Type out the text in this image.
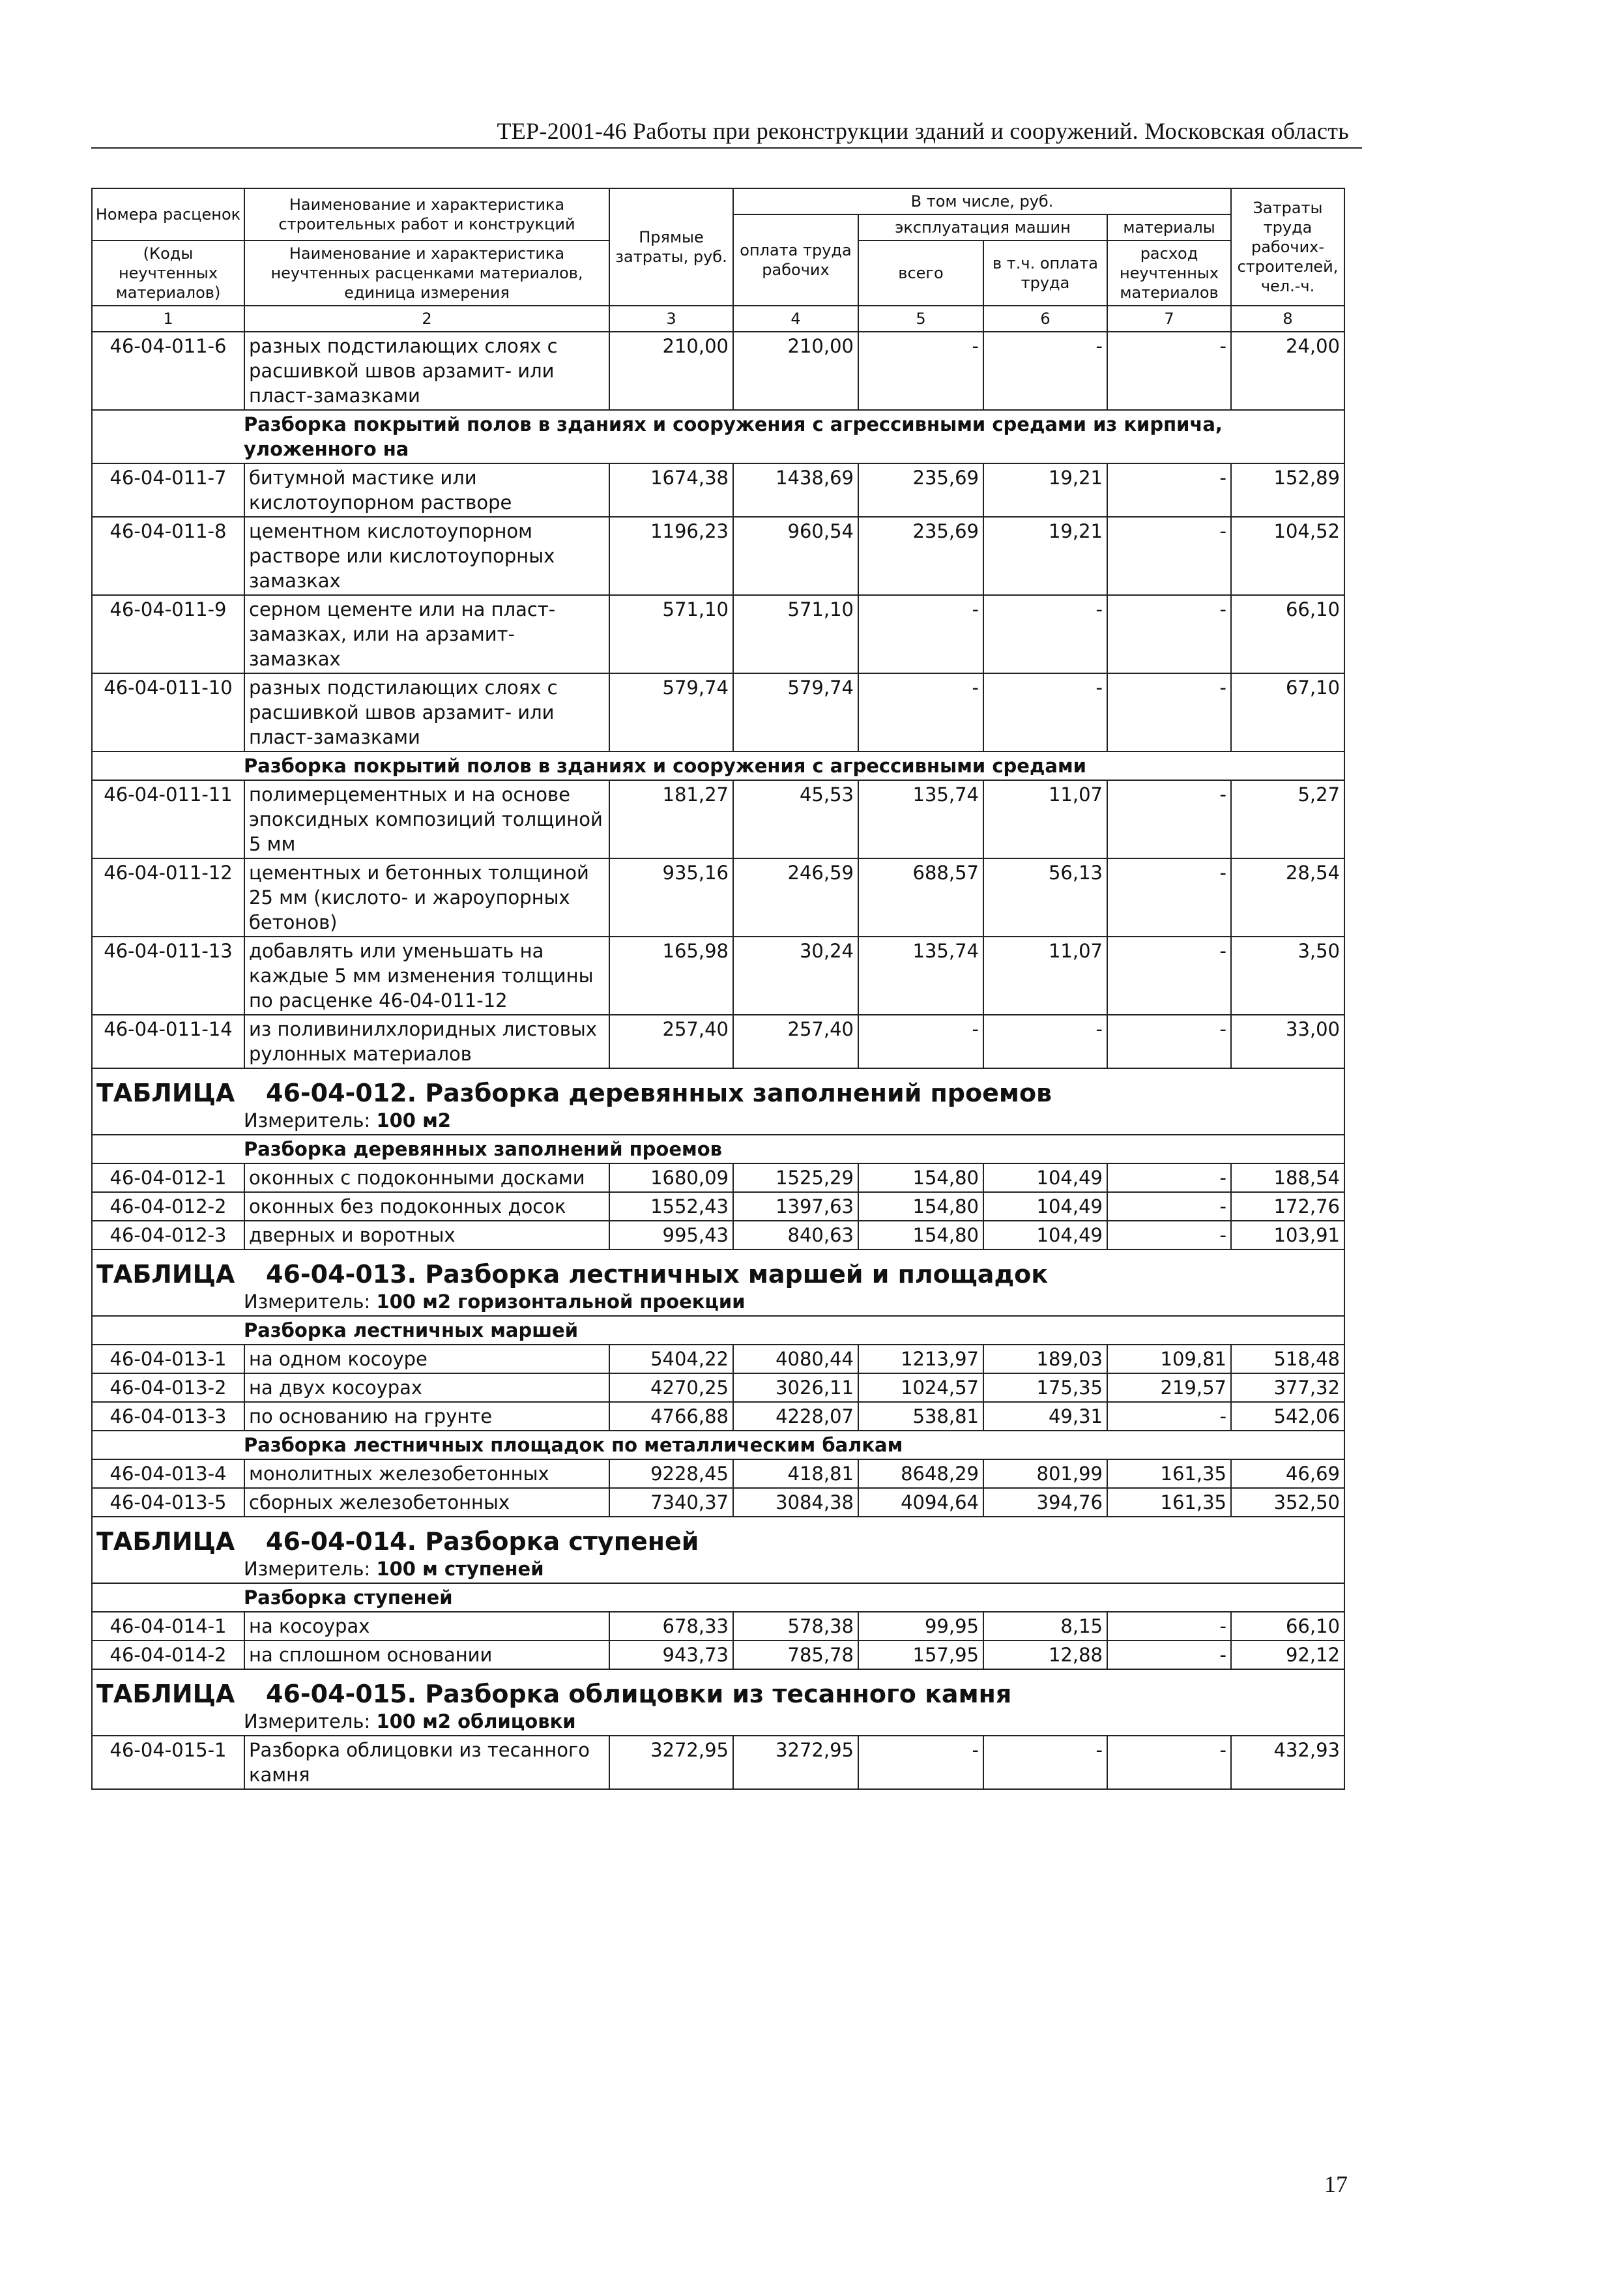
ТЕР-2001-46 Работы при реконструкции зданий и сооружений. Московская область
Номера расценок	Наименование и характеристика строительных работ и конструкций	Прямые затраты, руб.	В том числе, руб.				Затраты труда рабочих-строителей, чел.-ч.
			оплата труда рабочих	эксплуатация машин		материалы	
(Коды неучтенных материалов)	Наименование и характеристика неучтенных расценками материалов, единица измерения			всего	в т.ч. оплата труда	расход неучтенных материалов	

1	2	3	4	5	6	7	8
46-04-011-6	разных подстилающих слоях с расшивкой швов арзамит- или пласт-замазками	210,00	210,00	-	-	-	24,00
Разборка покрытий полов в зданиях и сооружения с агрессивными средами из кирпича, уложенного на							
46-04-011-7	битумной мастике или кислотоупорном растворе	1674,38	1438,69	235,69	19,21	-	152,89
46-04-011-8	цементном кислотоупорном растворе или кислотоупорных замазках	1196,23	960,54	235,69	19,21	-	104,52
46-04-011-9	серном цементе или на пласт-замазках, или на арзамит-замазках	571,10	571,10	-	-	-	66,10
46-04-011-10	разных подстилающих слоях с расшивкой швов арзамит- или пласт-замазками	579,74	579,74	-	-	-	67,10
Разборка покрытий полов в зданиях и сооружения с агрессивными средами							
46-04-011-11	полимерцементных и на основе эпоксидных композиций толщиной 5 мм	181,27	45,53	135,74	11,07	-	5,27
46-04-011-12	цементных и бетонных толщиной 25 мм (кислото- и жароупорных бетонов)	935,16	246,59	688,57	56,13	-	28,54
46-04-011-13	добавлять или уменьшать на каждые 5 мм изменения толщины по расценке 46-04-011-12	165,98	30,24	135,74	11,07	-	3,50
46-04-011-14	из поливинилхлоридных листовых рулонных материалов	257,40	257,40	-	-	-	33,00
ТАБЛИЦА 46-04-012. Разборка деревянных заполнений проемов							
Измеритель: 100 м2							
Разборка деревянных заполнений проемов							
46-04-012-1	оконных с подоконными досками	1680,09	1525,29	154,80	104,49	-	188,54
46-04-012-2	оконных без подоконных досок	1552,43	1397,63	154,80	104,49	-	172,76
46-04-012-3	дверных и воротных	995,43	840,63	154,80	104,49	-	103,91
ТАБЛИЦА 46-04-013. Разборка лестничных маршей и площадок							
Измеритель: 100 м2 горизонтальной проекции							
Разборка лестничных маршей							
46-04-013-1	на одном косоуре	5404,22	4080,44	1213,97	189,03	109,81	518,48
46-04-013-2	на двух косоурах	4270,25	3026,11	1024,57	175,35	219,57	377,32
46-04-013-3	по основанию на грунте	4766,88	4228,07	538,81	49,31	-	542,06
Разборка лестничных площадок по металлическим балкам							
46-04-013-4	монолитных железобетонных	9228,45	418,81	8648,29	801,99	161,35	46,69
46-04-013-5	сборных железобетонных	7340,37	3084,38	4094,64	394,76	161,35	352,50
ТАБЛИЦА 46-04-014. Разборка ступеней							
Измеритель: 100 м ступеней							
Разборка ступеней							
46-04-014-1	на косоурах	678,33	578,38	99,95	8,15	-	66,10
46-04-014-2	на сплошном основании	943,73	785,78	157,95	12,88	-	92,12
ТАБЛИЦА 46-04-015. Разборка облицовки из тесанного камня							
Измеритель: 100 м2 облицовки							
46-04-015-1	Разборка облицовки из тесанного камня	3272,95	3272,95	-	-	-	432,93
17
